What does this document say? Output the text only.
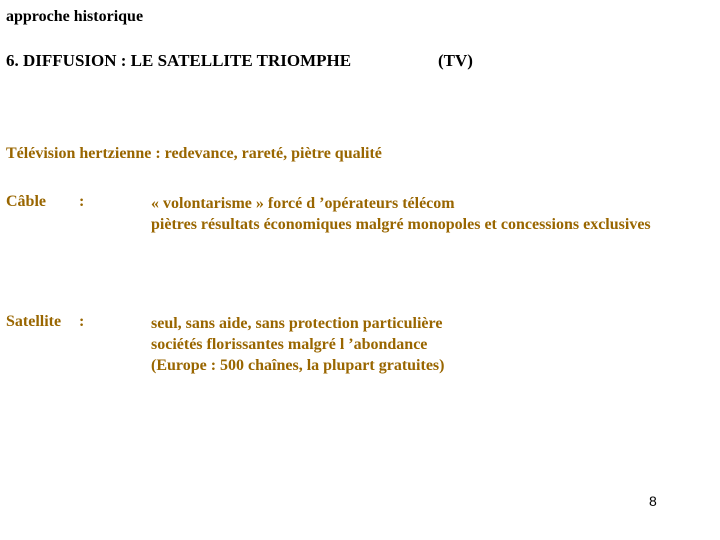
approche historique
6. DIFFUSION : LE SATELLITE TRIOMPHE	(TV)
Télévision hertzienne : redevance, rareté, piètre qualité
Câble :	« volontarisme » forcé d ’opérateurs télécom
piètres résultats économiques malgré monopoles et concessions exclusives
Satellite :	seul, sans aide, sans protection particulière
sociétés florissantes malgré l ’abondance
(Europe : 500 chaînes, la plupart gratuites)
8
